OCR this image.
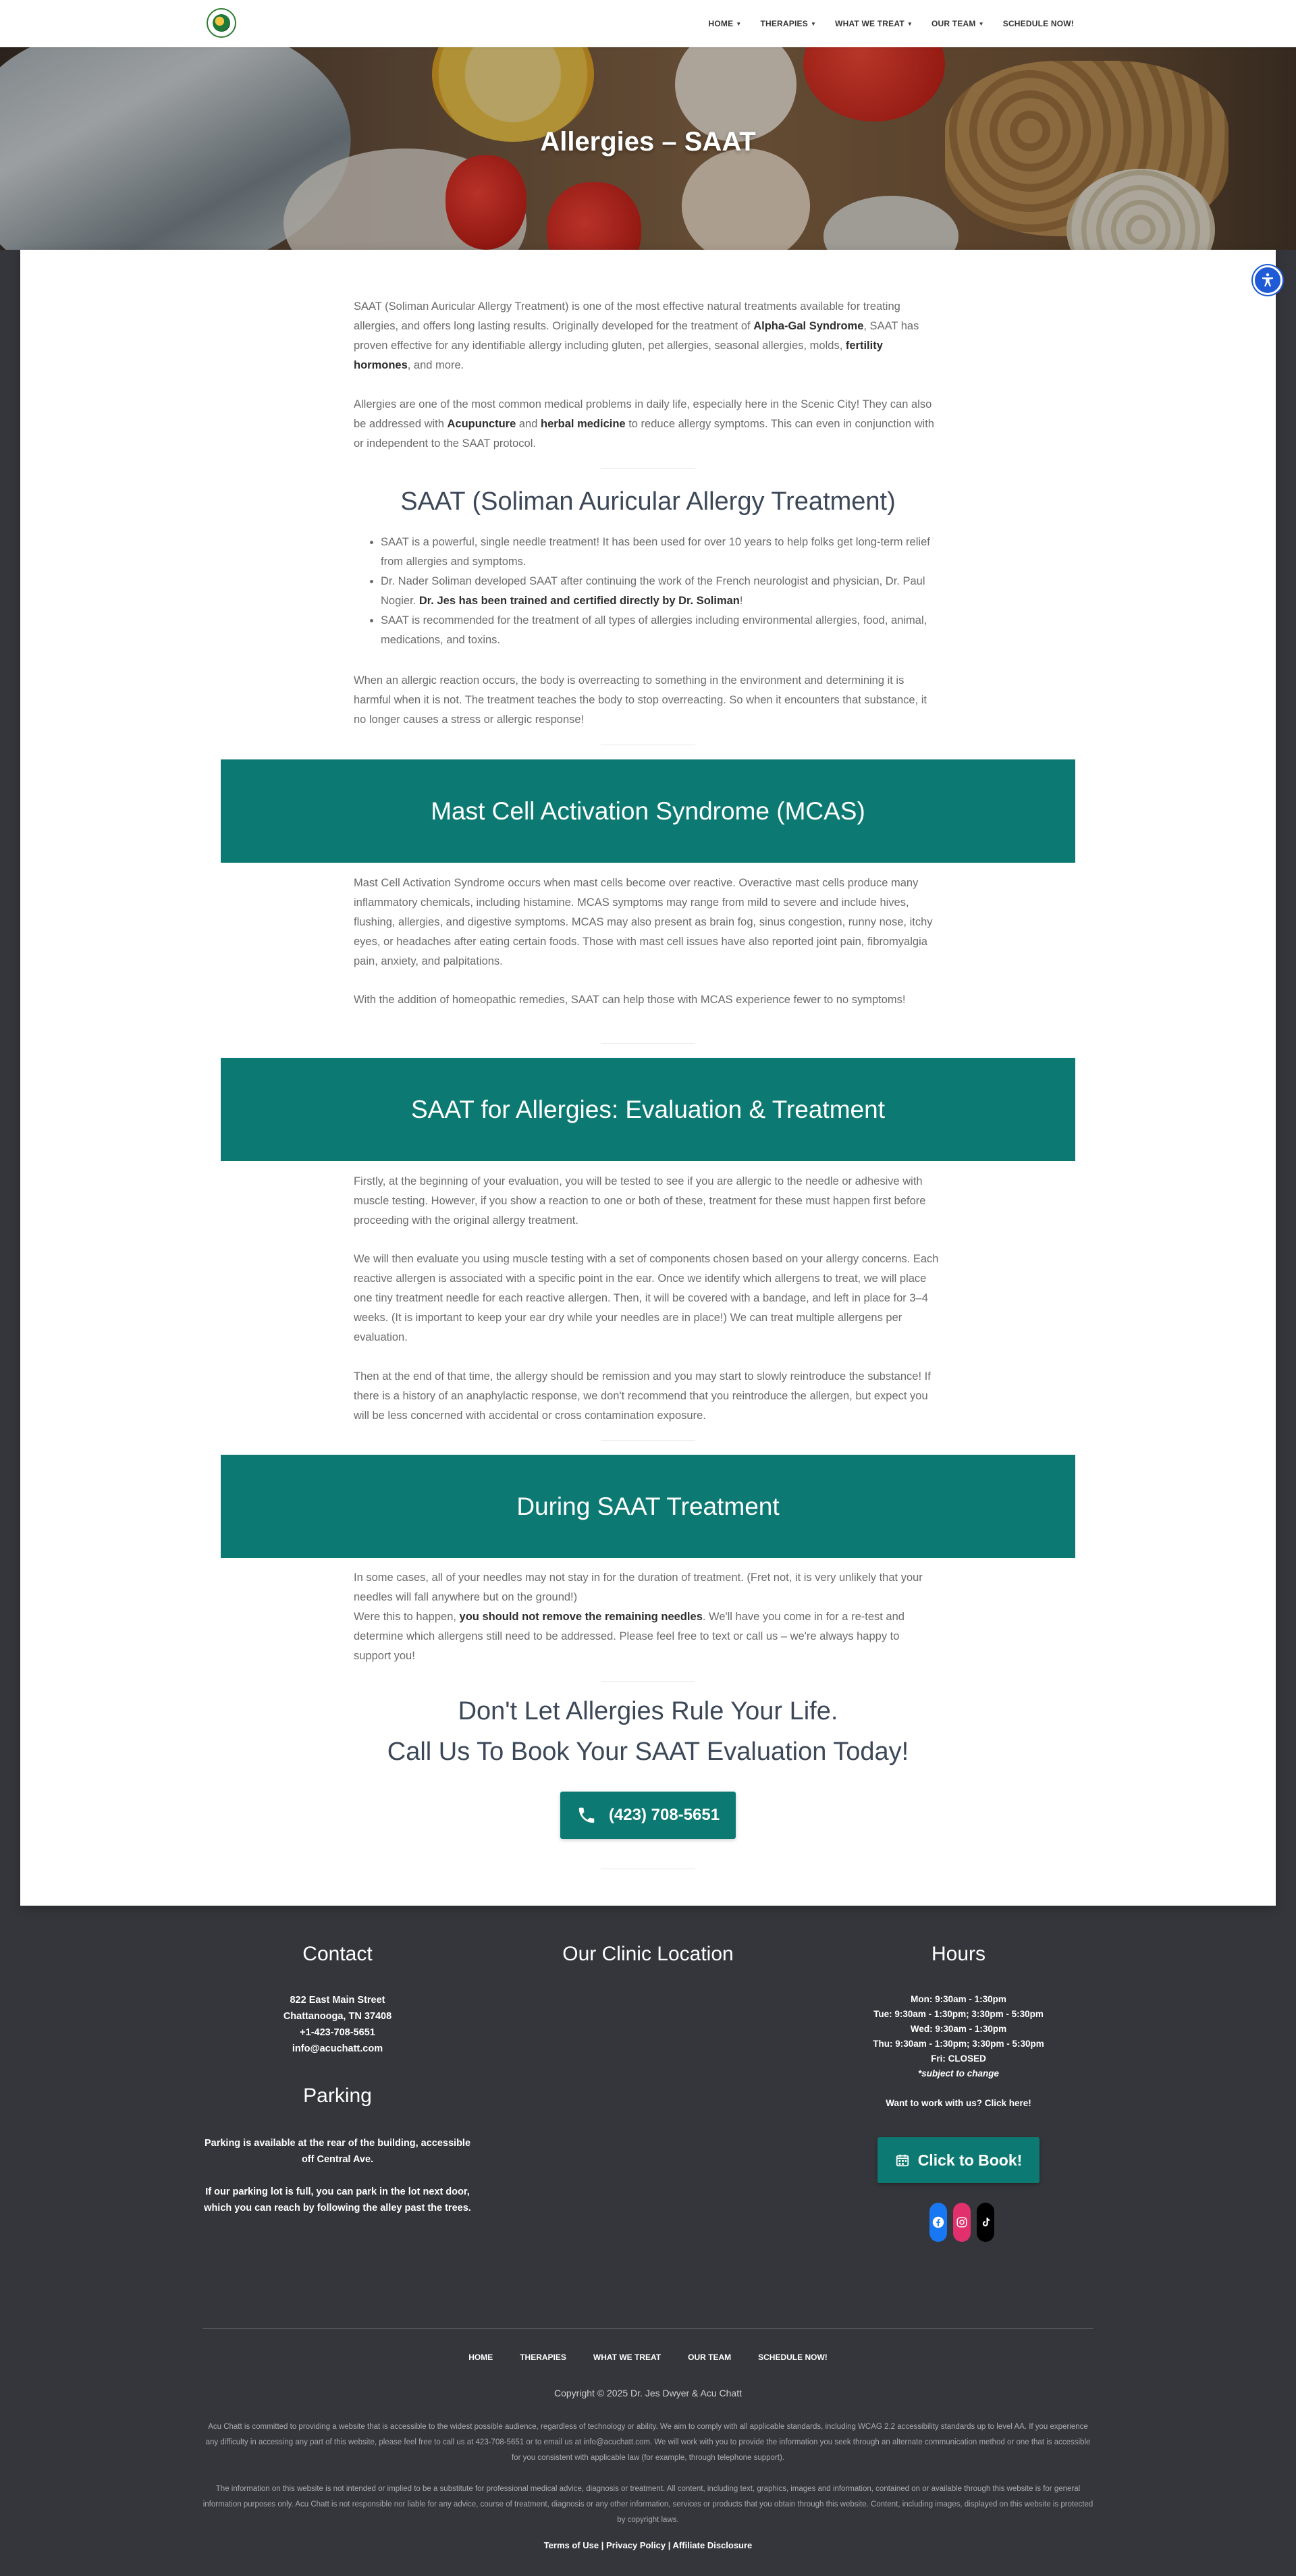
HOME ▼ THERAPIES ▼ WHAT WE TREAT ▼ OUR TEAM ▼ SCHEDULE NOW!
Allergies – SAAT

SAAT (Soliman Auricular Allergy Treatment) is one of the most effective natural treatments available for treating allergies, and offers long lasting results. Originally developed for the treatment of Alpha-Gal Syndrome, SAAT has proven effective for any identifiable allergy including gluten, pet allergies, seasonal allergies, molds, fertility hormones, and more.

Allergies are one of the most common medical problems in daily life, especially here in the Scenic City! They can also be addressed with Acupuncture and herbal medicine to reduce allergy symptoms. This can even in conjunction with or independent to the SAAT protocol.

SAAT (Soliman Auricular Allergy Treatment)
• SAAT is a powerful, single needle treatment! It has been used for over 10 years to help folks get long-term relief from allergies and symptoms.
• Dr. Nader Soliman developed SAAT after continuing the work of the French neurologist and physician, Dr. Paul Nogier. Dr. Jes has been trained and certified directly by Dr. Soliman!
• SAAT is recommended for the treatment of all types of allergies including environmental allergies, food, animal, medications, and toxins.

When an allergic reaction occurs, the body is overreacting to something in the environment and determining it is harmful when it is not. The treatment teaches the body to stop overreacting. So when it encounters that substance, it no longer causes a stress or allergic response!

Mast Cell Activation Syndrome (MCAS)

Mast Cell Activation Syndrome occurs when mast cells become over reactive. Overactive mast cells produce many inflammatory chemicals, including histamine. MCAS symptoms may range from mild to severe and include hives, flushing, allergies, and digestive symptoms. MCAS may also present as brain fog, sinus congestion, runny nose, itchy eyes, or headaches after eating certain foods. Those with mast cell issues have also reported joint pain, fibromyalgia pain, anxiety, and palpitations.

With the addition of homeopathic remedies, SAAT can help those with MCAS experience fewer to no symptoms!

SAAT for Allergies: Evaluation & Treatment

Firstly, at the beginning of your evaluation, you will be tested to see if you are allergic to the needle or adhesive with muscle testing. However, if you show a reaction to one or both of these, treatment for these must happen first before proceeding with the original allergy treatment.

We will then evaluate you using muscle testing with a set of components chosen based on your allergy concerns. Each reactive allergen is associated with a specific point in the ear. Once we identify which allergens to treat, we will place one tiny treatment needle for each reactive allergen. Then, it will be covered with a bandage, and left in place for 3–4 weeks. (It is important to keep your ear dry while your needles are in place!) We can treat multiple allergens per evaluation.

Then at the end of that time, the allergy should be remission and you may start to slowly reintroduce the substance! If there is a history of an anaphylactic response, we don't recommend that you reintroduce the allergen, but expect you will be less concerned with accidental or cross contamination exposure.

During SAAT Treatment

In some cases, all of your needles may not stay in for the duration of treatment. (Fret not, it is very unlikely that your needles will fall anywhere but on the ground!)
Were this to happen, you should not remove the remaining needles. We'll have you come in for a re-test and determine which allergens still need to be addressed. Please feel free to text or call us – we're always happy to support you!

Don't Let Allergies Rule Your Life.
Call Us To Book Your SAAT Evaluation Today!
(423) 708-5651
Contact
822 East Main Street
Chattanooga, TN 37408
+1-423-708-5651
info@acuchatt.com
Parking

Parking is available at the rear of the building, accessible off Central Ave.

If our parking lot is full, you can park in the lot next door, which you can reach by following the alley past the trees.

Our Clinic Location	Hours
Mon: 9:30am - 1:30pm
Tue: 9:30am - 1:30pm; 3:30pm - 5:30pm
Wed: 9:30am - 1:30pm
Thu: 9:30am - 1:30pm; 3:30pm - 5:30pm
Fri: CLOSED
*subject to change
Want to work with us? Click here!
Click to Book!
HOME	THERAPIES	WHAT WE TREAT	OUR TEAM	SCHEDULE NOW!
Copyright © 2025 Dr. Jes Dwyer & Acu Chatt
Acu Chatt is committed to providing a website that is accessible to the widest possible audience, regardless of technology or ability. We aim to comply with all applicable standards, including WCAG 2.2 accessibility standards up to level AA. If you experience any difficulty in accessing any part of this website, please feel free to call us at 423-708-5651 or to email us at info@acuchatt.com. We will work with you to provide the information you seek through an alternate communication method or one that is accessible for you consistent with applicable law (for example, through telephone support).
The information on this website is not intended or implied to be a substitute for professional medical advice, diagnosis or treatment. All content, including text, graphics, images and information, contained on or available through this website is for general information purposes only. Acu Chatt is not responsible nor liable for any advice, course of treatment, diagnosis or any other information, services or products that you obtain through this website. Content, including images, displayed on this website is protected by copyright laws.
Terms of Use | Privacy Policy | Affiliate Disclosure
